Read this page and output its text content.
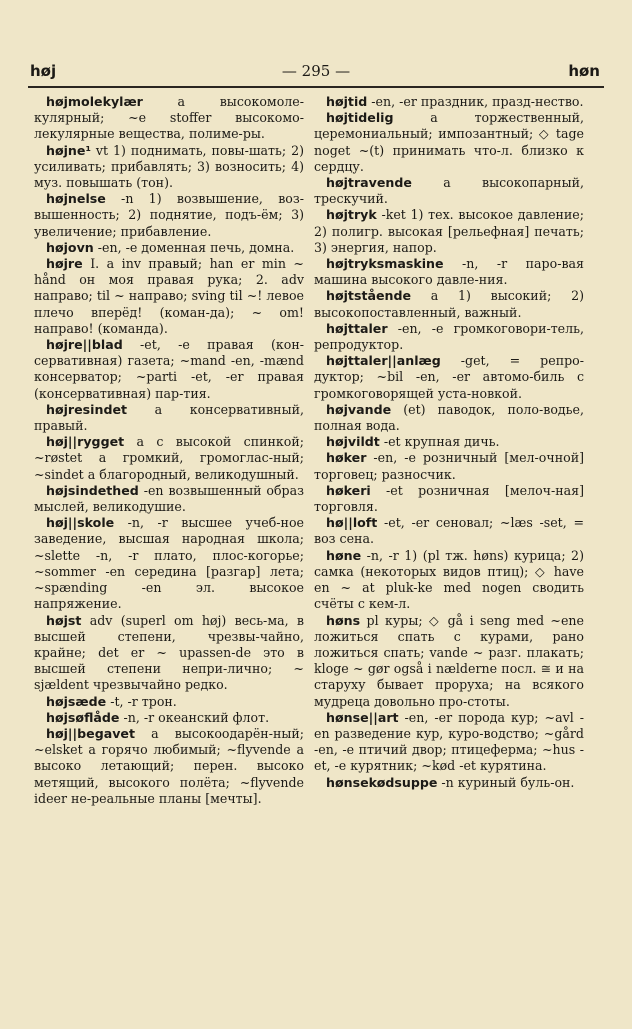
høj	— 295 —	høn

højmolekylær a высокомоле-кулярный; ~e stoffer высокомо-лекулярные вещества, полиме-ры.

højne¹ vt 1) поднимать, повы-шать; 2) усиливать; прибавлять; 3) возносить; 4) муз. повышать (тон).

højnelse -n 1) возвышение, воз-вышенность; 2) поднятие, подъ-ём; 3) увеличение; прибавление.

højovn -en, -e доменная печь, домна.

højre I. a inv правый; han er min ~ hånd он моя правая рука; 2. adv направо; til ~ направо; sving til ~! левое плечо вперёд! (коман-да); ~ om! направо! (команда).

højre||blad -et, -e правая (кон-сервативная) газета; ~mand -en, -mænd консерватор; ~parti -et, -er правая (консервативная) пар-тия.

højresindet a консервативный, правый.

høj||rygget a с высокой спинкой; ~røstet a громкий, громоглас-ный; ~sindet a благородный, великодушный.

højsindethed -en возвышенный образ мыслей, великодушие.

høj||skole -n, -r высшее учеб-ное заведение, высшая народная школа; ~slette -n, -r плато, плос-когорье; ~sommer -en середина [разгар] лета; ~spænding -en эл. высокое напряжение.

højst adv (superl om høj) весь-ма, в высшей степени, чрезвы-чайно, крайне; det er ~ upassen-de это в высшей степени непри-лично; ~ sjældent чрезвычайно редко.

højsæde -t, -r трон.

højsøflåde -n, -r океанский флот.

høj||begavet a высокоодарён-ный; ~elsket a горячо любимый; ~flyvende a высоко летающий; перен. высоко метящий, высокого полёта; ~flyvende ideer не-реальные планы [мечты].

højtid -en, -er праздник, празд-нество.

højtidelig a торжественный, церемониальный; импозантный; ◇ tage noget ~(t) принимать что-л. близко к сердцу.

højtravende a высокопарный, трескучий.

højtryk -ket 1) тех. высокое давление; 2) полигр. высокая [рельефная] печать; 3) энергия, напор.

højtryksmaskine -n, -r паро-вая машина высокого давле-ния.

højtstående a 1) высокий; 2) высокопоставленный, важный.

højttaler -en, -e громкоговори-тель, репродуктор.

højttaler||anlæg -get, = репро-дуктор; ~bil -en, -er автомо-биль с громкоговорящей уста-новкой.

højvande (et) паводок, поло-водье, полная вода.

højvildt -et крупная дичь.

høker -en, -e розничный [мел-очной] торговец; разносчик.

høkeri -et розничная [мелоч-ная] торговля.

hø||loft -et, -er сеновал; ~læs -set, = воз сена.

høne -n, -r 1) (pl тж. høns) курица; 2) самка (некоторых видов птиц); ◇ have en ~ at pluk-ke med nogen сводить счёты с кем-л.

høns pl куры; ◇ gå i seng med ~ene ложиться спать с курами, рано ложиться спать; vande ~ разг. плакать; kloge ~ gør også i nælderne посл. ≅ и на старуху бывает проруха; на всякого мудреца довольно про-стоты.

hønse||art -en, -er порода кур; ~avl -en разведение кур, куро-водство; ~gård -en, -e птичий двор; птицеферма; ~hus -et, -e курятник; ~kød -et курятина.

hønsekødsuppe -n куриный буль-он.
